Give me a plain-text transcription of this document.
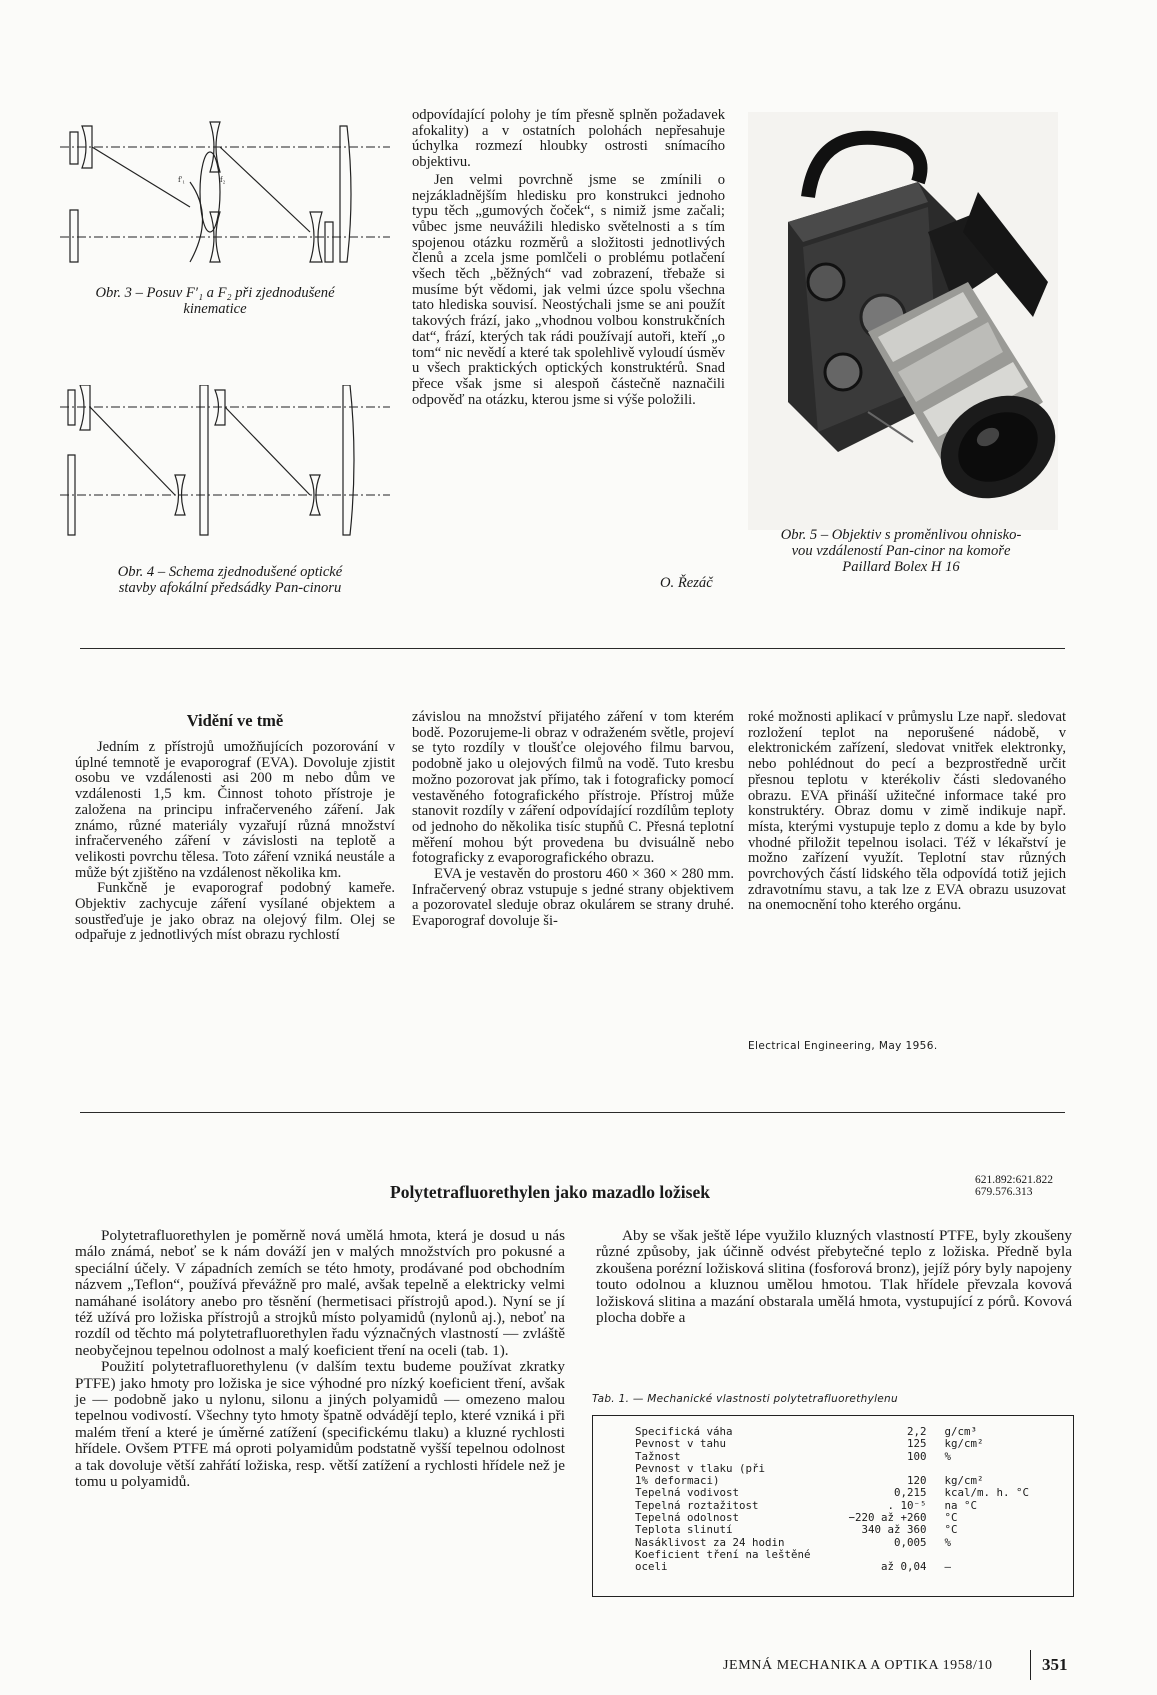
f′₁	f₂
Obr. 3 – Posuv F′₁ a F₂ při zjednodušené
kinematice
Obr. 4 – Schema zjednodušené optické
stavby afokální předsádky Pan-cinoru

odpovídající polohy je tím přesně splněn požadavek afokality) a v ostatních polohách nepřesahuje úchylka rozmezí hloubky ostrosti snímacího objektivu.

Jen velmi povrchně jsme se zmínili o nejzákladnějším hledisku pro konstrukci jednoho typu těch „gumových čoček“, s nimiž jsme začali; vůbec jsme neuvážili hledisko světelnosti a s tím spojenou otázku rozměrů a složitosti jednotlivých členů a zcela jsme pomlčeli o problému potlačení všech těch „běžných“ vad zobrazení, třebaže si musíme být vědomi, jak velmi úzce spolu všechna tato hlediska souvisí. Neostýchali jsme se ani použít takových frází, jako „vhodnou volbou konstrukčních dat“, frází, kterých tak rádi používají autoři, kteří „o tom“ nic nevědí a které tak spolehlivě vyloudí úsměv u všech praktických optických konstruktérů. Snad přece však jsme si alespoň částečně naznačili odpověď na otázku, kterou jsme si výše položili.

O. Řezáč
Obr. 5 – Objektiv s proměnlivou ohnisko-
vou vzdáleností Pan-cinor na komoře
Paillard Bolex H 16
Vidění ve tmě

Jedním z přístrojů umožňujících pozorování v úplné temnotě je evaporograf (EVA). Dovoluje zjistit osobu ve vzdálenosti asi 200 m nebo dům ve vzdálenosti 1,5 km. Činnost tohoto přístroje je založena na principu infračerveného záření. Jak známo, různé materiály vyzařují různá množství infračerveného záření v závislosti na teplotě a velikosti povrchu tělesa. Toto záření vzniká neustále a může být zjištěno na vzdálenost několika km.

Funkčně je evaporograf podobný kameře. Objektiv zachycuje záření vysílané objektem a soustřeďuje je jako obraz na olejový film. Olej se odpařuje z jednotlivých míst obrazu rychlostí

závislou na množství přijatého záření v tom kterém bodě. Pozorujeme-li obraz v odraženém světle, projeví se tyto rozdíly v tloušťce olejového filmu barvou, podobně jako u olejových filmů na vodě. Tuto kresbu možno pozorovat jak přímo, tak i fotograficky pomocí vestavěného fotografického přístroje. Přístroj může stanovit rozdíly v záření odpovídající rozdílům teploty od jednoho do několika tisíc stupňů C. Přesná teplotní měření mohou být provedena bu dvisuálně nebo fotograficky z evaporografického obrazu.

EVA je vestavěn do prostoru 460 × 360 × 280 mm. Infračervený obraz vstupuje s jedné strany objektivem a pozorovatel sleduje obraz okulárem se strany druhé. Evaporograf dovoluje ši-

roké možnosti aplikací v průmyslu Lze např. sledovat rozložení teplot na neporušené nádobě, v elektronickém zařízení, sledovat vnitřek elektronky, nebo pohlédnout do pecí a bezprostředně určit přesnou teplotu v kterékoliv části sledovaného obrazu. EVA přináší užitečné informace také pro konstruktéry. Obraz domu v zimě indikuje např. místa, kterými vystupuje teplo z domu a kde by bylo vhodné přiložit tepelnou isolaci. Též v lékařství je možno zařízení využít. Teplotní stav různých povrchových částí lidského těla odpovídá totiž jejich zdravotnímu stavu, a tak lze z EVA obrazu usuzovat na onemocnění toho kterého orgánu.

Electrical Engineering, May 1956.
Polytetrafluorethylen jako mazadlo ložisek
621.892:621.822
679.576.313

Polytetrafluorethylen je poměrně nová umělá hmota, která je dosud u nás málo známá, neboť se k nám dováží jen v malých množstvích pro pokusné a speciální účely. V západních zemích se této hmoty, prodávané pod obchodním názvem „Teflon“, používá převážně pro malé, avšak tepelně a elektricky velmi namáhané isolátory anebo pro těsnění (hermetisaci přístrojů apod.). Nyní se jí též užívá pro ložiska přístrojů a strojků místo polyamidů (nylonů aj.), neboť na rozdíl od těchto má polytetrafluorethylen řadu význačných vlastností — zvláště neobyčejnou tepelnou odolnost a malý koeficient tření na oceli (tab. 1).

Použití polytetrafluorethylenu (v dalším textu budeme používat zkratky PTFE) jako hmoty pro ložiska je sice výhodné pro nízký koeficient tření, avšak je — podobně jako u nylonu, silonu a jiných polyamidů — omezeno malou tepelnou vodivostí. Všechny tyto hmoty špatně odvádějí teplo, které vzniká i při malém tření a které je úměrné zatížení (specifickému tlaku) a kluzné rychlosti hřídele. Ovšem PTFE má oproti polyamidům podstatně vyšší tepelnou odolnost a tak dovoluje větší zahřátí ložiska, resp. větší zatížení a rychlosti hřídele než je tomu u polyamidů.

Aby se však ještě lépe využilo kluzných vlastností PTFE, byly zkoušeny různé způsoby, jak účinně odvést přebytečné teplo z ložiska. Předně byla zkoušena porézní ložisková slitina (fosforová bronz), jejíž póry byly napojeny touto odolnou a kluznou umělou hmotou. Tlak hřídele převzala kovová ložisková slitina a mazání obstarala umělá hmota, vystupující z pórů. Kovová plocha dobře a

Tab. 1. — Mechanické vlastnosti polytetrafluorethylenu
Specifická váha	2,2	g/cm³
Pevnost v tahu	125	kg/cm²
Tažnost	100	%
Pevnost v tlaku (při		
1% deformaci)	120	kg/cm²
Tepelná vodivost	0,215	kcal/m. h. °C
Tepelná roztažitost	. 10⁻⁵	na °C
Tepelná odolnost	−220 až +260	°C
Teplota slinutí	340 až 360	°C
Nasáklivost za 24 hodin	0,005	%
Koeficient tření na leštěné		
oceli	až 0,04	—
JEMNÁ MECHANIKA A OPTIKA 1958/10	351
